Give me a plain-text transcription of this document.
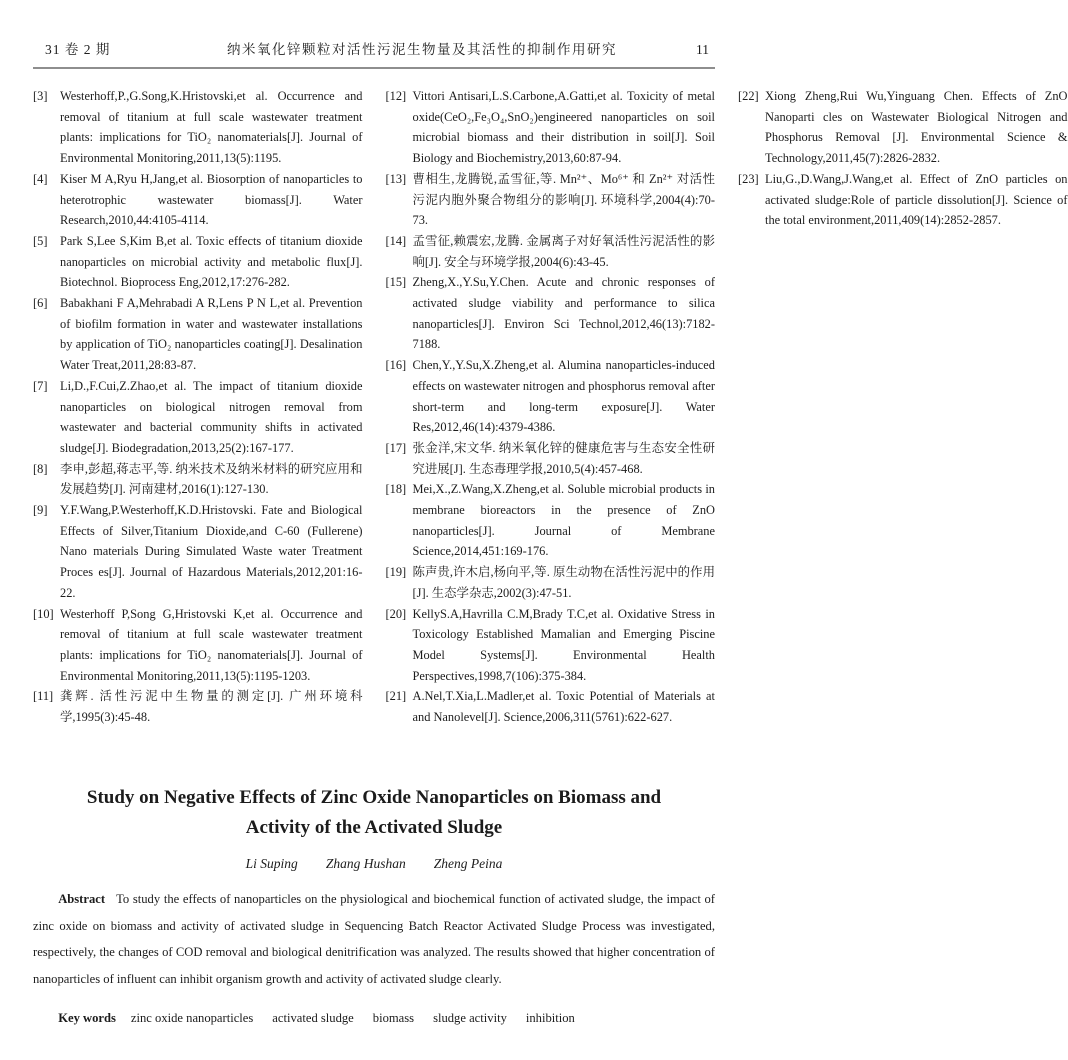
31 卷 2 期	纳米氧化锌颗粒对活性污泥生物量及其活性的抑制作用研究	11

[3] Westerhoff,P.,G.Song,K.Hristovski,et al. Occurrence and removal of titanium at full scale wastewater treatment plants: implications for TiO₂ nanomaterials[J]. Journal of Environmental Monitoring,2011,13(5):1195.

[4] Kiser M A,Ryu H,Jang,et al. Biosorption of nanoparticles to heterotrophic wastewater biomass[J]. Water Research,2010,44:4105-4114.

[5] Park S,Lee S,Kim B,et al. Toxic effects of titanium dioxide nanoparticles on microbial activity and metabolic flux[J]. Biotechnol. Bioprocess Eng,2012,17:276-282.

[6] Babakhani F A,Mehrabadi A R,Lens P N L,et al. Prevention of biofilm formation in water and wastewater installations by application of TiO₂ nanoparticles coating[J]. Desalination Water Treat,2011,28:83-87.

[7] Li,D.,F.Cui,Z.Zhao,et al. The impact of titanium dioxide nanoparticles on biological nitrogen removal from wastewater and bacterial community shifts in activated sludge[J]. Biodegradation,2013,25(2):167-177.

[8] 李申,彭超,蒋志平,等. 纳米技术及纳米材料的研究应用和发展趋势[J]. 河南建材,2016(1):127-130.

[9] Y.F.Wang,P.Westerhoff,K.D.Hristovski. Fate and Biological Effects of Silver,Titanium Dioxide,and C-60 (Fullerene) Nano materials During Simulated Waste water Treatment Proces es[J]. Journal of Hazardous Materials,2012,201:16-22.

[10] Westerhoff P,Song G,Hristovski K,et al. Occurrence and removal of titanium at full scale wastewater treatment plants: implications for TiO₂ nanomaterials[J]. Journal of Environmental Monitoring,2011,13(5):1195-1203.

[11] 龚辉. 活性污泥中生物量的测定[J]. 广州环境科学,1995(3):45-48.

[12] Vittori Antisari,L.S.Carbone,A.Gatti,et al. Toxicity of metal oxide(CeO₂,Fe₃O₄,SnO₂)engineered nanoparticles on soil microbial biomass and their distribution in soil[J]. Soil Biology and Biochemistry,2013,60:87-94.

[13] 曹相生,龙腾锐,孟雪征,等. Mn²⁺、Mo⁶⁺ 和 Zn²⁺ 对活性污泥内胞外聚合物组分的影响[J]. 环境科学,2004(4):70-73.

[14] 孟雪征,赖震宏,龙腾. 金属离子对好氧活性污泥活性的影响[J]. 安全与环境学报,2004(6):43-45.

[15] Zheng,X.,Y.Su,Y.Chen. Acute and chronic responses of activated sludge viability and performance to silica nanoparticles[J]. Environ Sci Technol,2012,46(13):7182-7188.

[16] Chen,Y.,Y.Su,X.Zheng,et al. Alumina nanoparticles-induced effects on wastewater nitrogen and phosphorus removal after short-term and long-term exposure[J]. Water Res,2012,46(14):4379-4386.

[17] 张金洋,宋文华. 纳米氧化锌的健康危害与生态安全性研究进展[J]. 生态毒理学报,2010,5(4):457-468.

[18] Mei,X.,Z.Wang,X.Zheng,et al. Soluble microbial products in membrane bioreactors in the presence of ZnO nanoparticles[J]. Journal of Membrane Science,2014,451:169-176.

[19] 陈声贵,许木启,杨向平,等. 原生动物在活性污泥中的作用[J]. 生态学杂志,2002(3):47-51.

[20] KellyS.A,Havrilla C.M,Brady T.C,et al. Oxidative Stress in Toxicology Established Mamalian and Emerging Piscine Model Systems[J]. Environmental Health Perspectives,1998,7(106):375-384.

[21] A.Nel,T.Xia,L.Madler,et al. Toxic Potential of Materials at and Nanolevel[J]. Science,2006,311(5761):622-627.

[22] Xiong Zheng,Rui Wu,Yinguang Chen. Effects of ZnO Nanoparti cles on Wastewater Biological Nitrogen and Phosphorus Removal [J]. Environmental Science & Technology,2011,45(7):2826-2832.

[23] Liu,G.,D.Wang,J.Wang,et al. Effect of ZnO particles on activated sludge:Role of particle dissolution[J]. Science of the total environment,2011,409(14):2852-2857.

Study on Negative Effects of Zinc Oxide Nanoparticles on Biomass and Activity of the Activated Sludge
Li Suping Zhang Hushan Zheng Peina

Abstract To study the effects of nanoparticles on the physiological and biochemical function of activated sludge, the impact of zinc oxide on biomass and activity of activated sludge in Sequencing Batch Reactor Activated Sludge Process was investigated, respectively, the changes of COD removal and biological denitrification was analyzed. The results showed that higher concentration of nanoparticles of influent can inhibit organism growth and activity of activated sludge clearly.

Key words zinc oxide nanoparticles activated sludge biomass sludge activity inhibition
